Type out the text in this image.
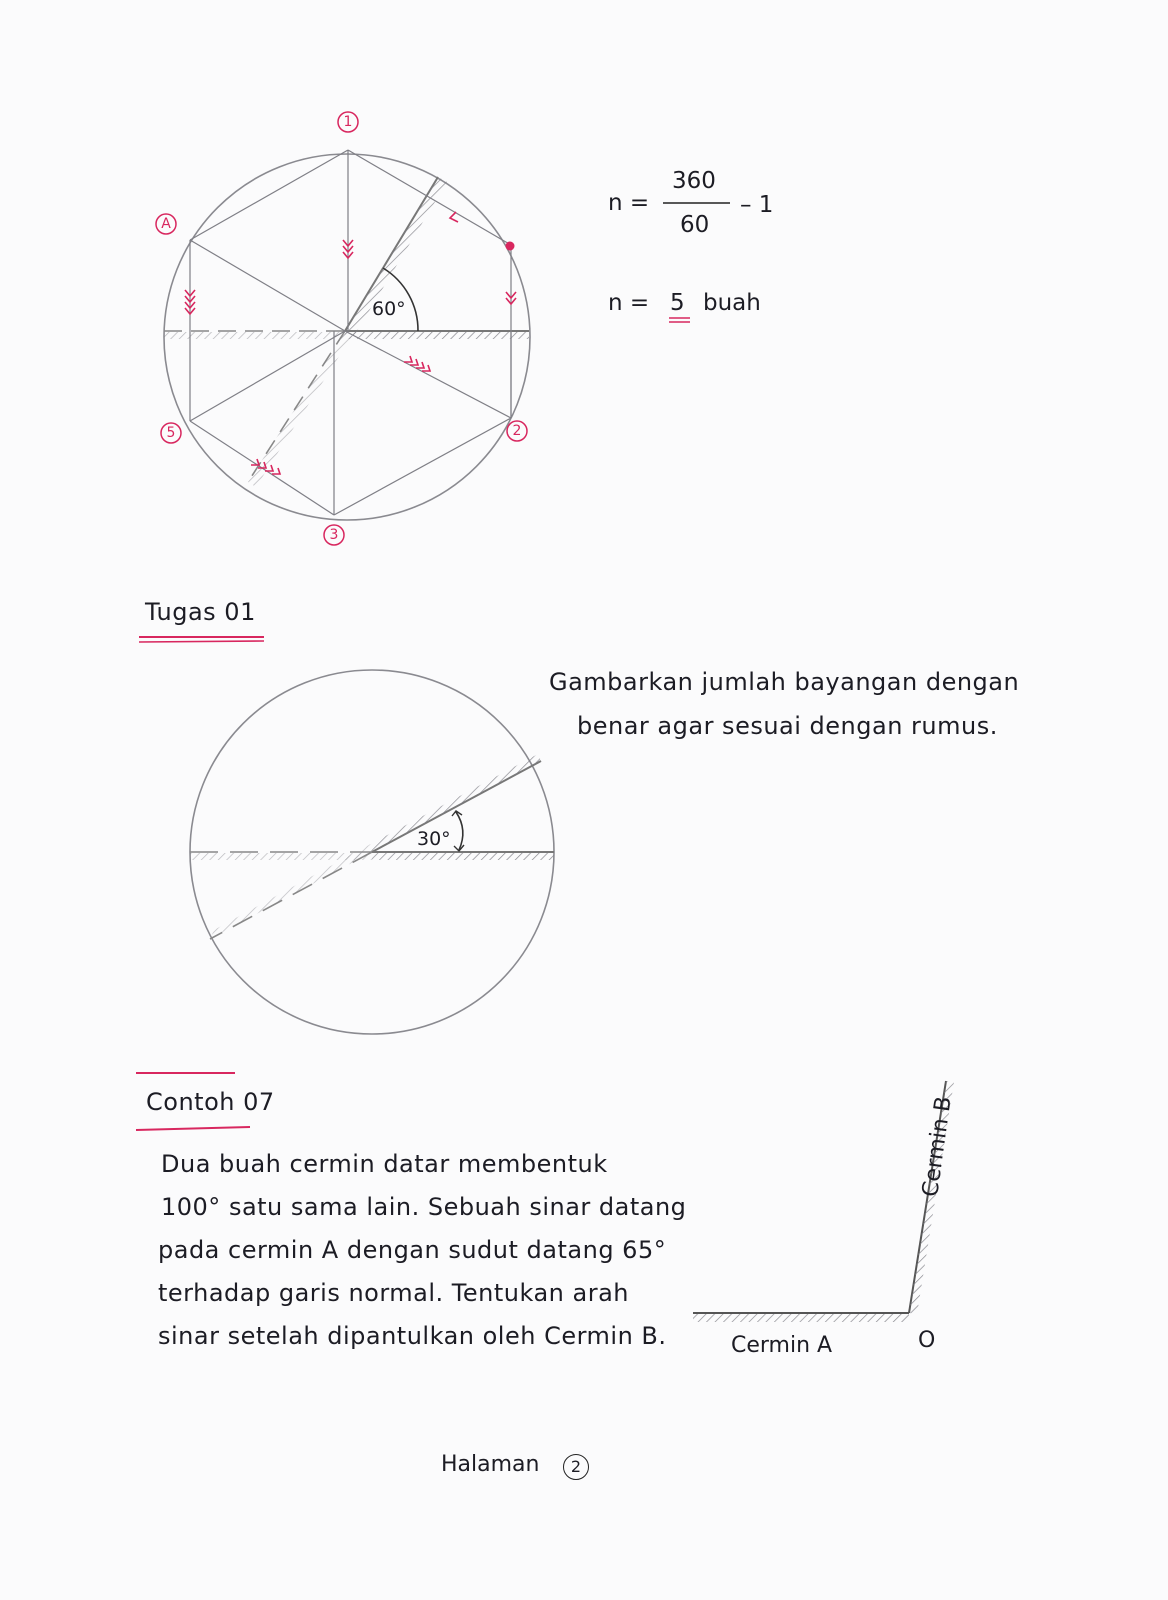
1
2
3
A
5
60°
n =
360
60
– 1
n = 5 buah
Tugas 01
Gambarkan jumlah bayangan dengan
benar agar sesuai dengan rumus.
30°
Contoh 07
Dua buah cermin datar membentuk
100° satu sama lain. Sebuah sinar datang
pada cermin A dengan sudut datang 65°
terhadap garis normal. Tentukan arah
sinar setelah dipantulkan oleh Cermin B.	Cermin A	O
Cermin B
Halaman	2
